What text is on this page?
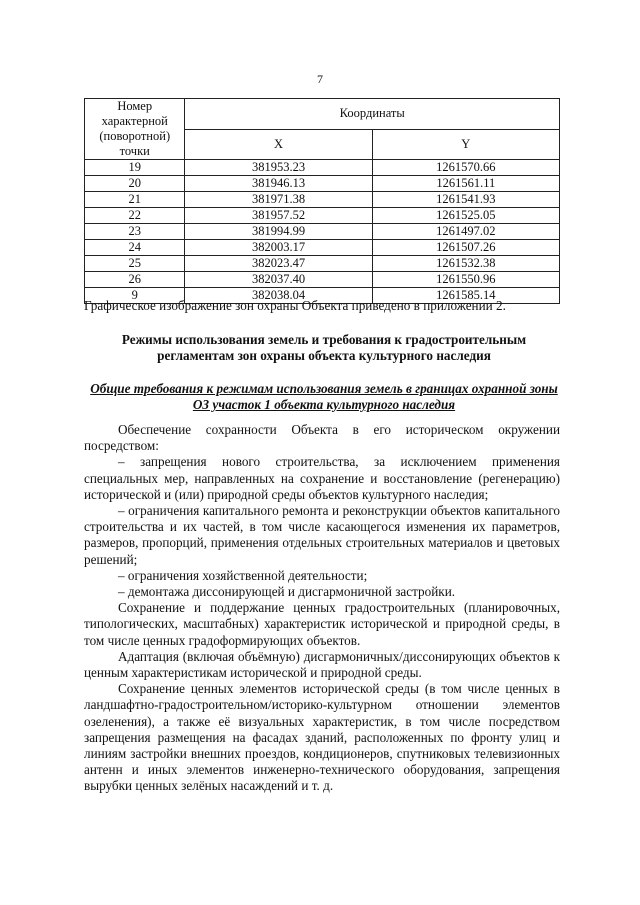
7
Номер характерной (поворотной) точки	Координаты	
	X	Y
19	381953.23	1261570.66
20	381946.13	1261561.11
21	381971.38	1261541.93
22	381957.52	1261525.05
23	381994.99	1261497.02
24	382003.17	1261507.26
25	382023.47	1261532.38
26	382037.40	1261550.96
9	382038.04	1261585.14
Графическое изображение зон охраны Объекта приведено в приложении 2.
Режимы использования земель и требования к градостроительным регламентам зон охраны объекта культурного наследия
Общие требования к режимам использования земель в границах охранной зоны ОЗ участок 1 объекта культурного наследия

Обеспечение сохранности Объекта в его историческом окружении посредством:

– запрещения нового строительства, за исключением применения специальных мер, направленных на сохранение и восстановление (регенерацию) исторической и (или) природной среды объектов культурного наследия;

– ограничения капитального ремонта и реконструкции объектов капитального строительства и их частей, в том числе касающегося изменения их параметров, размеров, пропорций, применения отдельных строительных материалов и цветовых решений;

– ограничения хозяйственной деятельности;

– демонтажа диссонирующей и дисгармоничной застройки.

Сохранение и поддержание ценных градостроительных (планировочных, типологических, масштабных) характеристик исторической и природной среды, в том числе ценных градоформирующих объектов.

Адаптация (включая объёмную) дисгармоничных/диссонирующих объектов к ценным характеристикам исторической и природной среды.

Сохранение ценных элементов исторической среды (в том числе ценных в ландшафтно-градостроительном/историко-культурном отношении элементов озеленения), а также её визуальных характеристик, в том числе посредством запрещения размещения на фасадах зданий, расположенных по фронту улиц и линиям застройки внешних проездов, кондиционеров, спутниковых телевизионных антенн и иных элементов инженерно-технического оборудования, запрещения вырубки ценных зелёных насаждений и т. д.
